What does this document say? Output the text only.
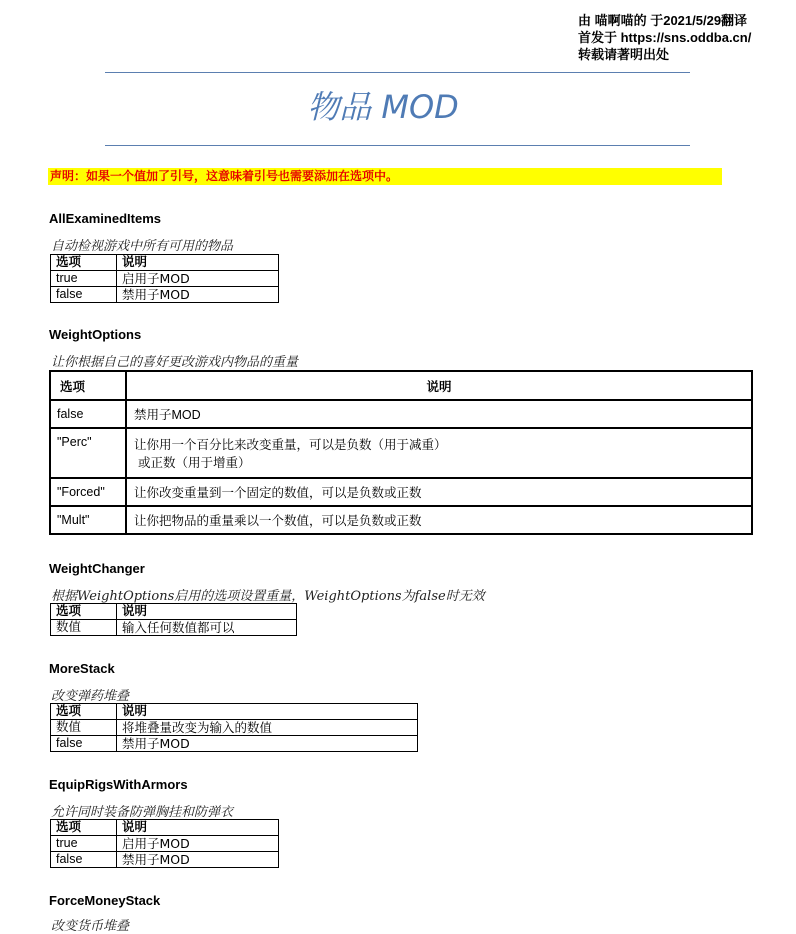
由 喵啊喵的 于2021/5/29翻译
首发于 https://sns.oddba.cn/
转载请著明出处
物品 MOD
声明：如果一个值加了引号，这意味着引号也需要添加在选项中。
AllExaminedItems
自动检视游戏中所有可用的物品
选项	说明
true	启用子MOD
false	禁用子MOD
WeightOptions
让你根据自己的喜好更改游戏内物品的重量
选项	说明
false	禁用子MOD
"Perc"	让你用一个百分比来改变重量，可以是负数（用于减重）
或正数（用于增重）

"Forced"	让你改变重量到一个固定的数值，可以是负数或正数
"Mult"	让你把物品的重量乘以一个数值，可以是负数或正数
WeightChanger
根据WeightOptions启用的选项设置重量，WeightOptions为false时无效
选项	说明
数值	输入任何数值都可以
MoreStack
改变弹药堆叠
选项	说明
数值	将堆叠量改变为输入的数值
false	禁用子MOD
EquipRigsWithArmors
允许同时装备防弹胸挂和防弹衣
选项	说明
true	启用子MOD
false	禁用子MOD
ForceMoneyStack
改变货币堆叠
